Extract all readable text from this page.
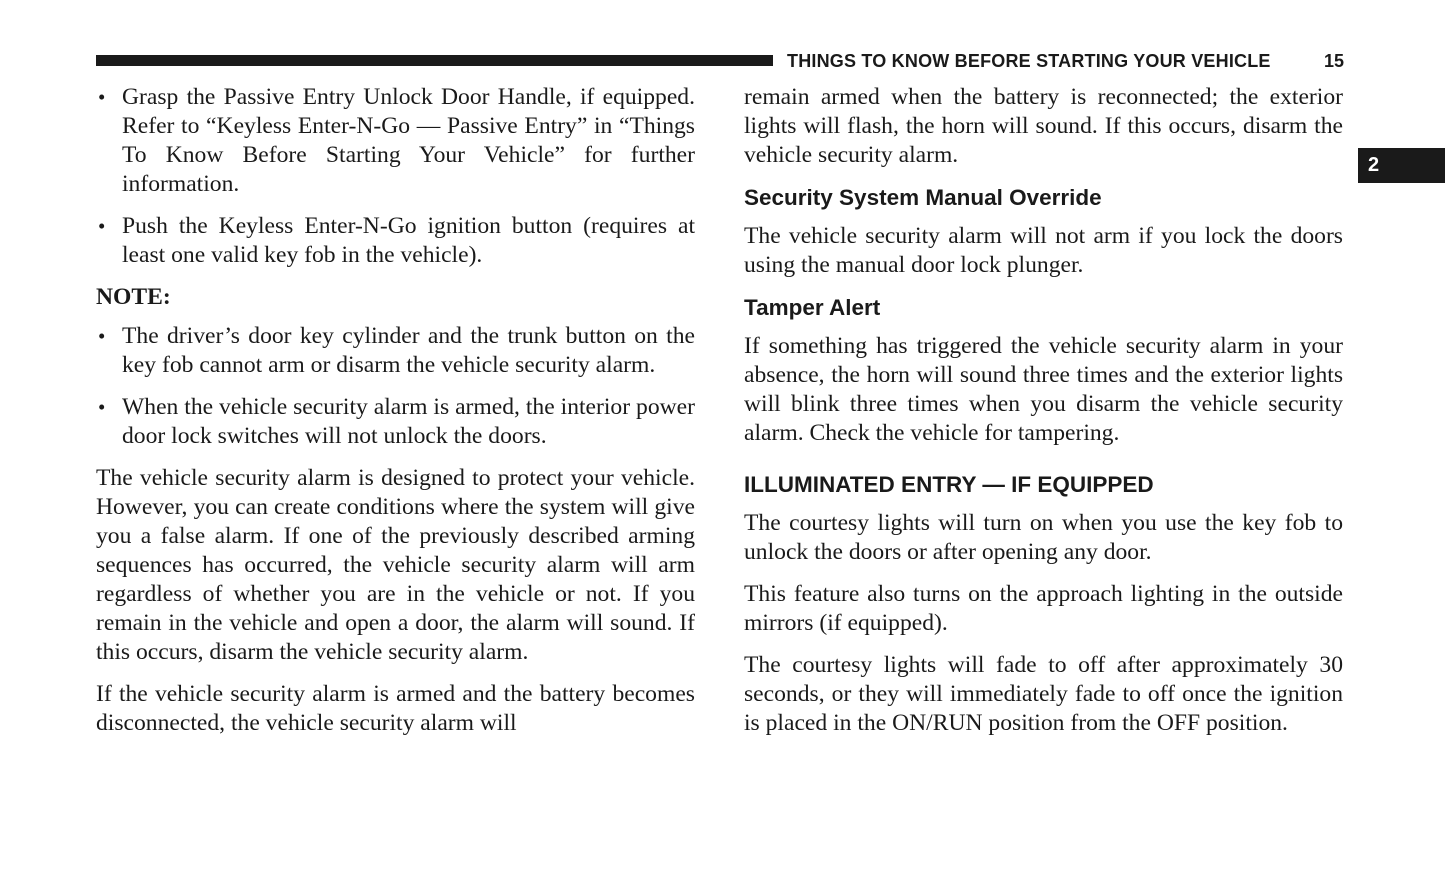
THINGS TO KNOW BEFORE STARTING YOUR VEHICLE	15
2
• Grasp the Passive Entry Unlock Door Handle, if equipped. Refer to “Keyless Enter-N-Go — Passive Entry” in “Things To Know Before Starting Your Vehicle” for further information.
• Push the Keyless Enter-N-Go ignition button (requires at least one valid key fob in the vehicle).

NOTE:

• The driver’s door key cylinder and the trunk button on the key fob cannot arm or disarm the vehicle security alarm.
• When the vehicle security alarm is armed, the interior power door lock switches will not unlock the doors.

The vehicle security alarm is designed to protect your vehicle. However, you can create conditions where the system will give you a false alarm. If one of the previously described arming sequences has occurred, the vehicle security alarm will arm regardless of whether you are in the vehicle or not. If you remain in the vehicle and open a door, the alarm will sound. If this occurs, disarm the vehicle security alarm.

If the vehicle security alarm is armed and the battery becomes disconnected, the vehicle security alarm will

remain armed when the battery is reconnected; the exterior lights will flash, the horn will sound. If this occurs, disarm the vehicle security alarm.

Security System Manual Override

The vehicle security alarm will not arm if you lock the doors using the manual door lock plunger.

Tamper Alert

If something has triggered the vehicle security alarm in your absence, the horn will sound three times and the exterior lights will blink three times when you disarm the vehicle security alarm. Check the vehicle for tampering.

ILLUMINATED ENTRY — IF EQUIPPED

The courtesy lights will turn on when you use the key fob to unlock the doors or after opening any door.

This feature also turns on the approach lighting in the outside mirrors (if equipped).

The courtesy lights will fade to off after approximately 30 seconds, or they will immediately fade to off once the ignition is placed in the ON/RUN position from the OFF position.
